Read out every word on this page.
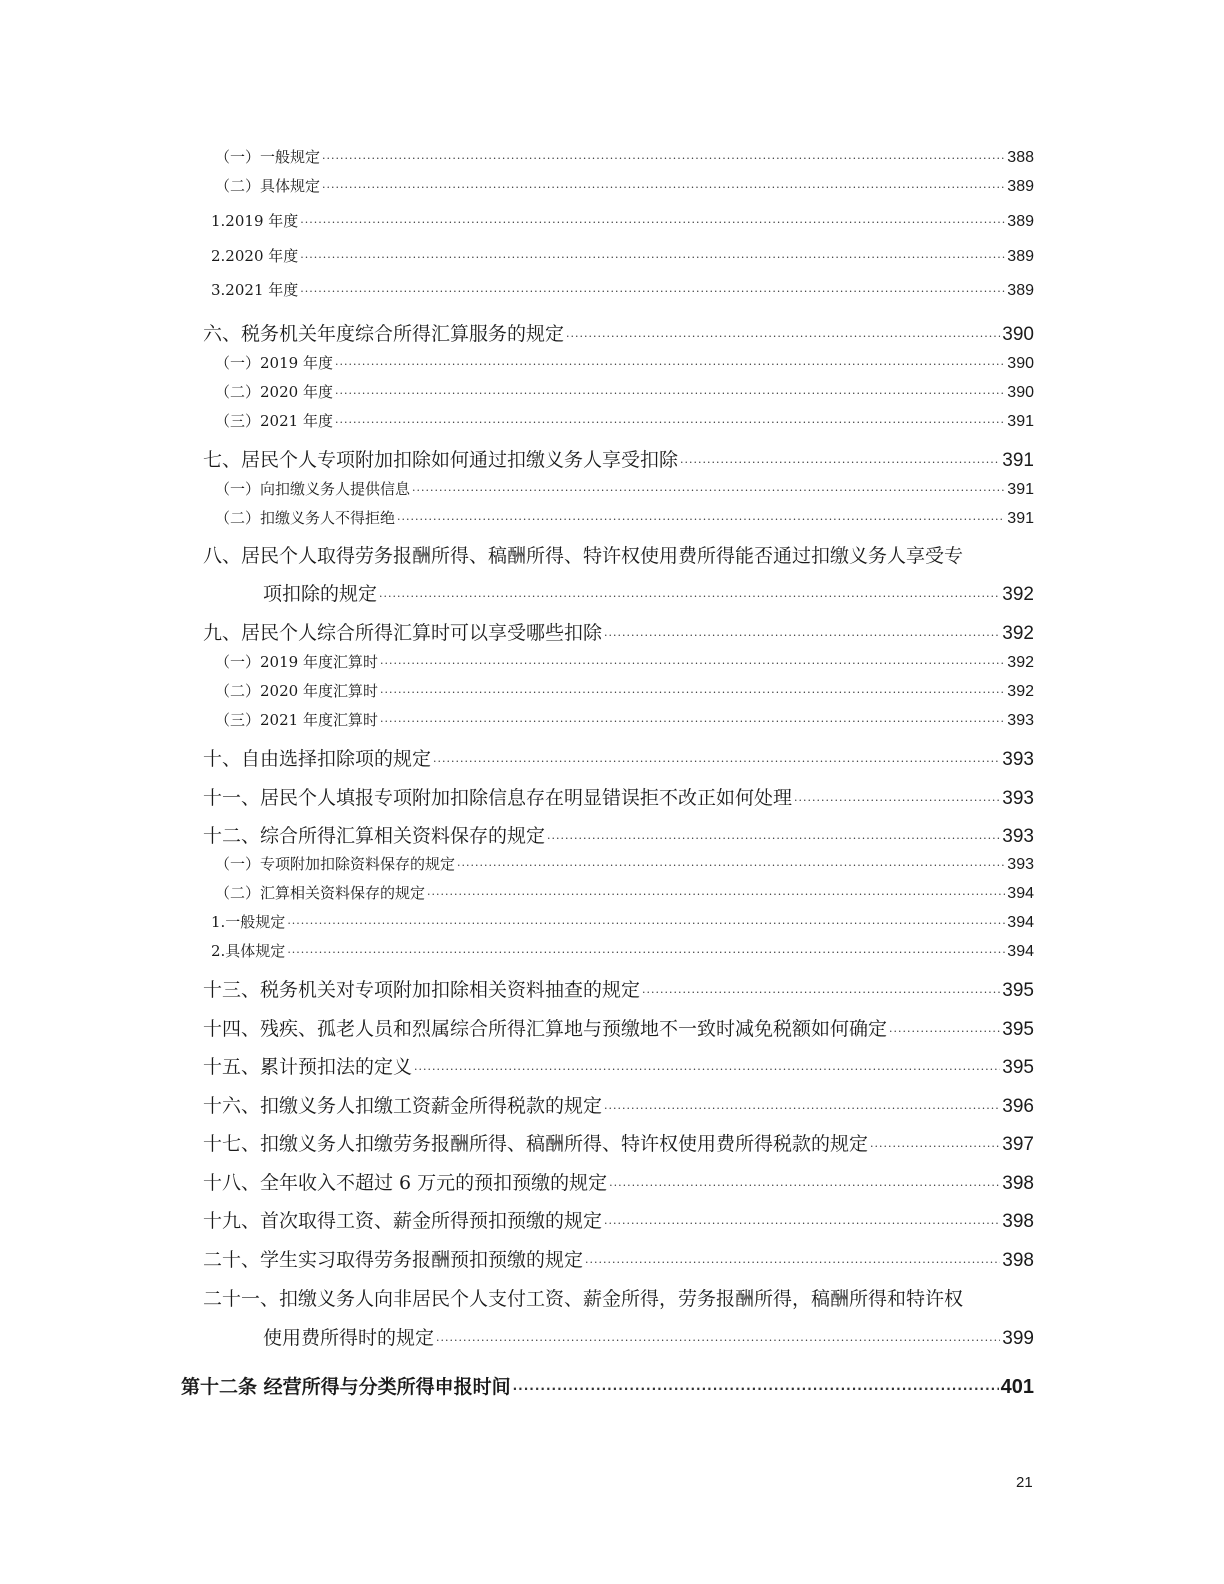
（一）一般规定 ·····	388
（二）具体规定 ·····	389
1.2019 年度 ·····	389
2.2020 年度 ·····	389
3.2021 年度 ·····	389
六、税务机关年度综合所得汇算服务的规定 ·····	390
（一）2019 年度 ·····	390
（二）2020 年度 ·····	390
（三）2021 年度 ·····	391
七、居民个人专项附加扣除如何通过扣缴义务人享受扣除 ·····	391
（一）向扣缴义务人提供信息 ·····	391
（二）扣缴义务人不得拒绝 ·····	391
八、居民个人取得劳务报酬所得、稿酬所得、特许权使用费所得能否通过扣缴义务人享受专
项扣除的规定 ·····	392
九、居民个人综合所得汇算时可以享受哪些扣除 ·····	392
（一）2019 年度汇算时 ·····	392
（二）2020 年度汇算时 ·····	392
（三）2021 年度汇算时 ·····	393
十、自由选择扣除项的规定 ·····	393
十一、居民个人填报专项附加扣除信息存在明显错误拒不改正如何处理 ·····	393
十二、综合所得汇算相关资料保存的规定 ·····	393
（一）专项附加扣除资料保存的规定 ·····	393
（二）汇算相关资料保存的规定 ·····	394
1.一般规定 ·····	394
2.具体规定 ·····	394
十三、税务机关对专项附加扣除相关资料抽查的规定 ·····	395
十四、残疾、孤老人员和烈属综合所得汇算地与预缴地不一致时减免税额如何确定 ·····	395
十五、累计预扣法的定义 ·····	395
十六、扣缴义务人扣缴工资薪金所得税款的规定 ·····	396
十七、扣缴义务人扣缴劳务报酬所得、稿酬所得、特许权使用费所得税款的规定 ·····	397
十八、全年收入不超过 6 万元的预扣预缴的规定 ·····	398
十九、首次取得工资、薪金所得预扣预缴的规定 ·····	398
二十、学生实习取得劳务报酬预扣预缴的规定 ·····	398
二十一、扣缴义务人向非居民个人支付工资、薪金所得，劳务报酬所得，稿酬所得和特许权
使用费所得时的规定 ·····	399
第十二条 经营所得与分类所得申报时间 ·····	401
21
